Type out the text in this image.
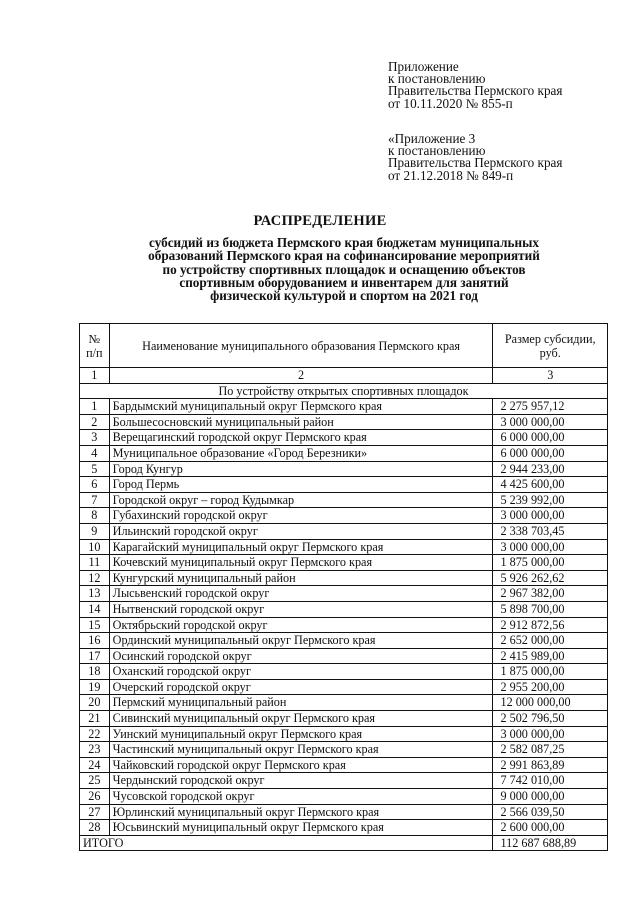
Приложение
к постановлению
Правительства Пермского края
от 10.11.2020 № 855-п
«Приложение 3
к постановлению
Правительства Пермского края
от 21.12.2018 № 849-п
РАСПРЕДЕЛЕНИЕ
субсидий из бюджета Пермского края бюджетам муниципальных
образований Пермского края на софинансирование мероприятий
по устройству спортивных площадок и оснащению объектов
спортивным оборудованием и инвентарем для занятий
физической культурой и спортом на 2021 год
№ п/п	Наименование муниципального образования Пермского края	Размер субсидии, руб.
1	2	3
По устройству открытых спортивных площадок		
1	Бардымский муниципальный округ Пермского края	2 275 957,12
2	Большесосновский муниципальный район	3 000 000,00
3	Верещагинский городской округ Пермского края	6 000 000,00
4	Муниципальное образование «Город Березники»	6 000 000,00
5	Город Кунгур	2 944 233,00
6	Город Пермь	4 425 600,00
7	Городской округ – город Кудымкар	5 239 992,00
8	Губахинский городской округ	3 000 000,00
9	Ильинский городской округ	2 338 703,45
10	Карагайский муниципальный округ Пермского края	3 000 000,00
11	Кочевский муниципальный округ Пермского края	1 875 000,00
12	Кунгурский муниципальный район	5 926 262,62
13	Лысьвенский городской округ	2 967 382,00
14	Нытвенский городской округ	5 898 700,00
15	Октябрьский городской округ	2 912 872,56
16	Ординский муниципальный округ Пермского края	2 652 000,00
17	Осинский городской округ	2 415 989,00
18	Оханский городской округ	1 875 000,00
19	Очерский городской округ	2 955 200,00
20	Пермский муниципальный район	12 000 000,00
21	Сивинский муниципальный округ Пермского края	2 502 796,50
22	Уинский муниципальный округ Пермского края	3 000 000,00
23	Частинский муниципальный округ Пермского края	2 582 087,25
24	Чайковский городской округ Пермского края	2 991 863,89
25	Чердынский городской округ	7 742 010,00
26	Чусовской городской округ	9 000 000,00
27	Юрлинский муниципальный округ Пермского края	2 566 039,50
28	Юсьвинский муниципальный округ Пермского края	2 600 000,00
ИТОГО		112 687 688,89
